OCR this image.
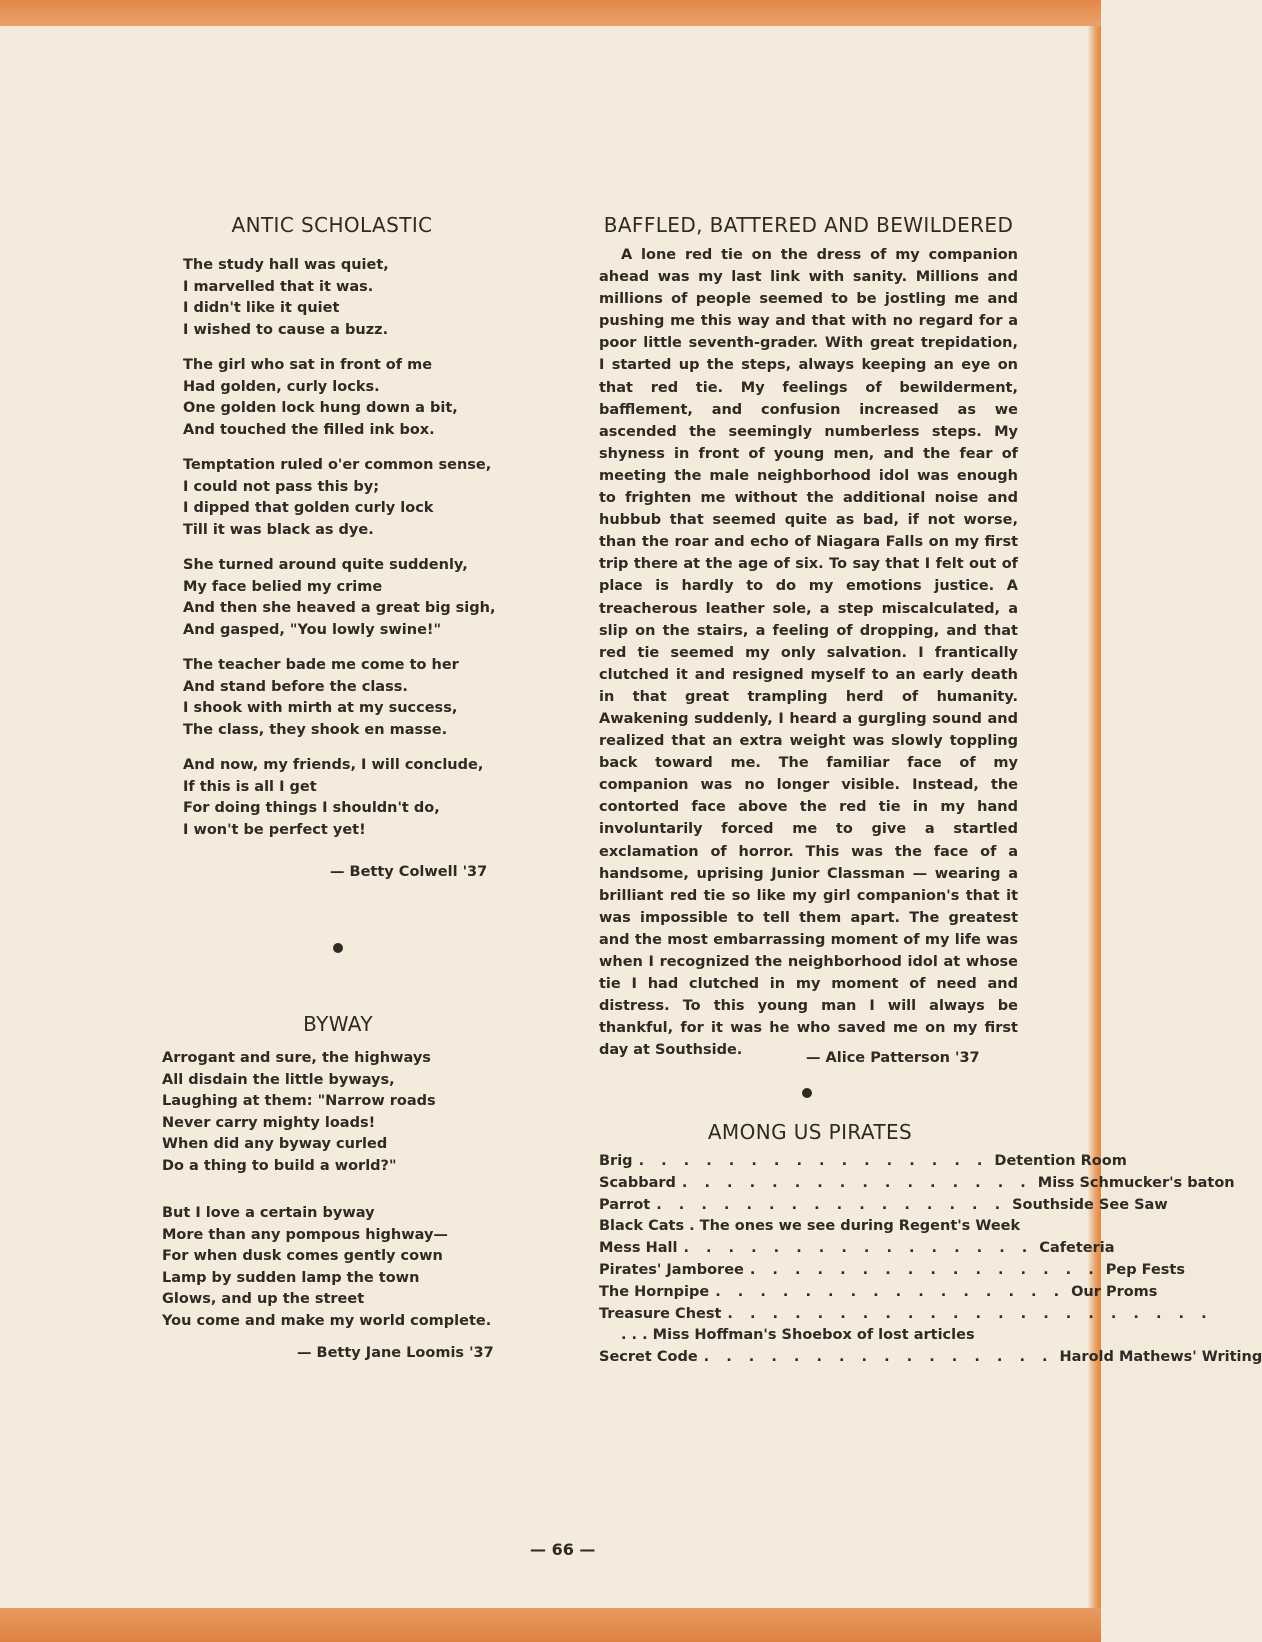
ANTIC SCHOLASTIC
The study hall was quiet,
I marvelled that it was.
I didn't like it quiet
I wished to cause a buzz.
The girl who sat in front of me
Had golden, curly locks.
One golden lock hung down a bit,
And touched the filled ink box.
Temptation ruled o'er common sense,
I could not pass this by;
I dipped that golden curly lock
Till it was black as dye.
She turned around quite suddenly,
My face belied my crime
And then she heaved a great big sigh,
And gasped, "You lowly swine!"
The teacher bade me come to her
And stand before the class.
I shook with mirth at my success,
The class, they shook en masse.
And now, my friends, I will conclude,
If this is all I get
For doing things I shouldn't do,
I won't be perfect yet!
— Betty Colwell '37
BYWAY
Arrogant and sure, the highways
All disdain the little byways,
Laughing at them: "Narrow roads
Never carry mighty loads!
When did any byway curled
Do a thing to build a world?"
But I love a certain byway
More than any pompous highway—
For when dusk comes gently cown
Lamp by sudden lamp the town
Glows, and up the street
You come and make my world complete.
— Betty Jane Loomis '37
BAFFLED, BATTERED AND BEWILDERED

A lone red tie on the dress of my companion ahead was my last link with sanity. Millions and millions of people seemed to be jostling me and pushing me this way and that with no regard for a poor little seventh-grader. With great trepidation, I started up the steps, always keeping an eye on that red tie. My feelings of bewilderment, bafflement, and confusion increased as we ascended the seemingly numberless steps. My shyness in front of young men, and the fear of meeting the male neighborhood idol was enough to frighten me without the additional noise and hubbub that seemed quite as bad, if not worse, than the roar and echo of Niagara Falls on my first trip there at the age of six. To say that I felt out of place is hardly to do my emotions justice. A treacherous leather sole, a step miscalculated, a slip on the stairs, a feeling of dropping, and that red tie seemed my only salvation. I frantically clutched it and resigned myself to an early death in that great trampling herd of humanity. Awakening suddenly, I heard a gurgling sound and realized that an extra weight was slowly toppling back toward me. The familiar face of my companion was no longer visible. Instead, the contorted face above the red tie in my hand involuntarily forced me to give a startled exclamation of horror. This was the face of a handsome, uprising Junior Classman — wearing a brilliant red tie so like my girl companion's that it was impossible to tell them apart. The greatest and the most embarrassing moment of my life was when I recognized the neighborhood idol at whose tie I had clutched in my moment of need and distress. To this young man I will always be thankful, for it was he who saved me on my first day at Southside.	— Alice Patterson '37
AMONG US PIRATES
Brig . . . . . . . . . . . . . . . . Detention Room
Scabbard . . . . . . . . . . . . . . . . Miss Schmucker's baton
Parrot . . . . . . . . . . . . . . . . Southside See Saw
Black Cats . The ones we see during Regent's Week
Mess Hall . . . . . . . . . . . . . . . . Cafeteria
Pirates' Jamboree . . . . . . . . . . . . . . . . Pep Fests
The Hornpipe . . . . . . . . . . . . . . . . Our Proms
Treasure Chest . . . . . . . . . . . . . . . . . . . . . .
. . . Miss Hoffman's Shoebox of lost articles
Secret Code . . . . . . . . . . . . . . . . Harold Mathews' Writing
— 66 —
